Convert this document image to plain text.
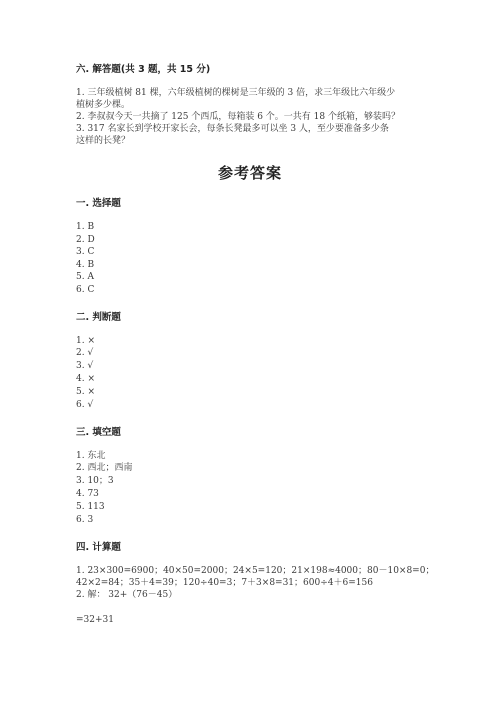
六. 解答题(共 3 题，共 15 分)
1. 三年级植树 81 棵，六年级植树的棵树是三年级的 3 倍，求三年级比六年级少
植树多少棵。
2. 李叔叔今天一共摘了 125 个西瓜，每箱装 6 个。一共有 18 个纸箱，够装吗？
3. 317 名家长到学校开家长会，每条长凳最多可以坐 3 人，至少要准备多少条
这样的长凳？
参考答案
一. 选择题
1. B
2. D
3. C
4. B
5. A
6. C
二. 判断题
1. ×
2. √
3. √
4. ×
5. ×
6. √
三. 填空题
1. 东北
2. 西北；西南
3. 10；3
4. 73
5. 113
6. 3
四. 计算题
1. 23×300=6900；40×50=2000；24×5=120；21×198≈4000；80－10×8=0；
42×2=84；35＋4=39；120÷40=3；7＋3×8=31；600÷4＋6=156
2. 解： 32+（76－45）
=32+31
